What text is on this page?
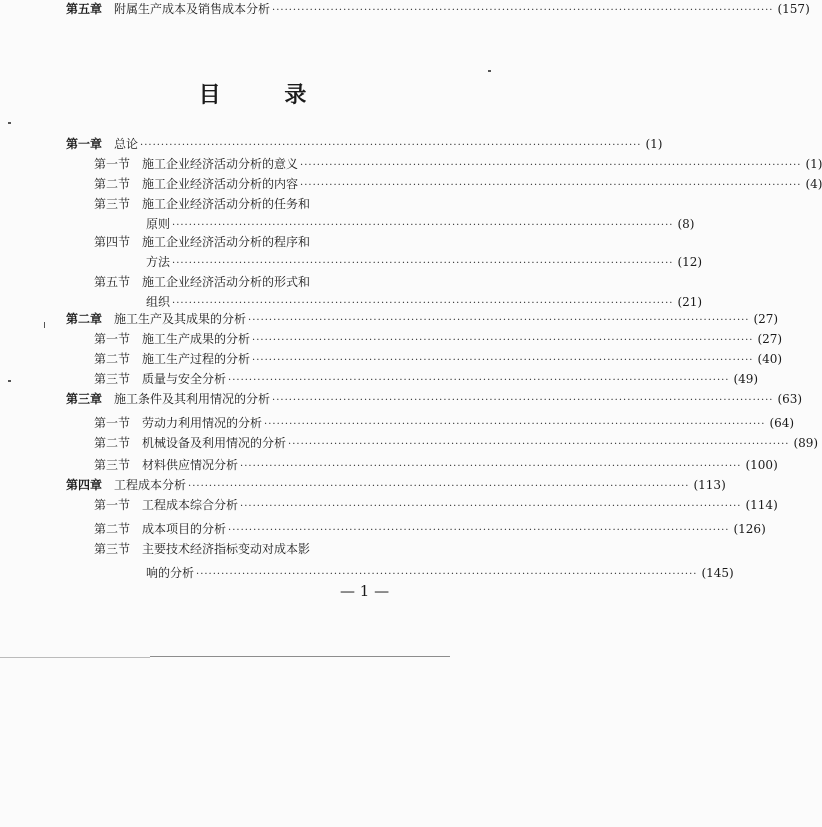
目 录
第一章 总论 ························································································································ (1)
第一节 施工企业经济活动分析的意义 ························································································································ (1)
第二节 施工企业经济活动分析的内容 ························································································································ (4)
第三节 施工企业经济活动分析的任务和
原则 ························································································································ (8)
第四节 施工企业经济活动分析的程序和
方法 ························································································································ (12)
第五节 施工企业经济活动分析的形式和
组织 ························································································································ (21)
第二章 施工生产及其成果的分析 ························································································································ (27)
第一节 施工生产成果的分析 ························································································································ (27)
第二节 施工生产过程的分析 ························································································································ (40)
第三节 质量与安全分析 ························································································································ (49)
第三章 施工条件及其利用情况的分析 ························································································································ (63)
第一节 劳动力利用情况的分析 ························································································································ (64)
第二节 机械设备及利用情况的分析 ························································································································ (89)
第三节 材料供应情况分析 ························································································································ (100)
第四章 工程成本分析 ························································································································ (113)
第一节 工程成本综合分析 ························································································································ (114)
第二节 成本项目的分析 ························································································································ (126)
第三节 主要技术经济指标变动对成本影
响的分析 ························································································································ (145)
第五章 附属生产成本及销售成本分析 ························································································································ (157)
— 1 —
